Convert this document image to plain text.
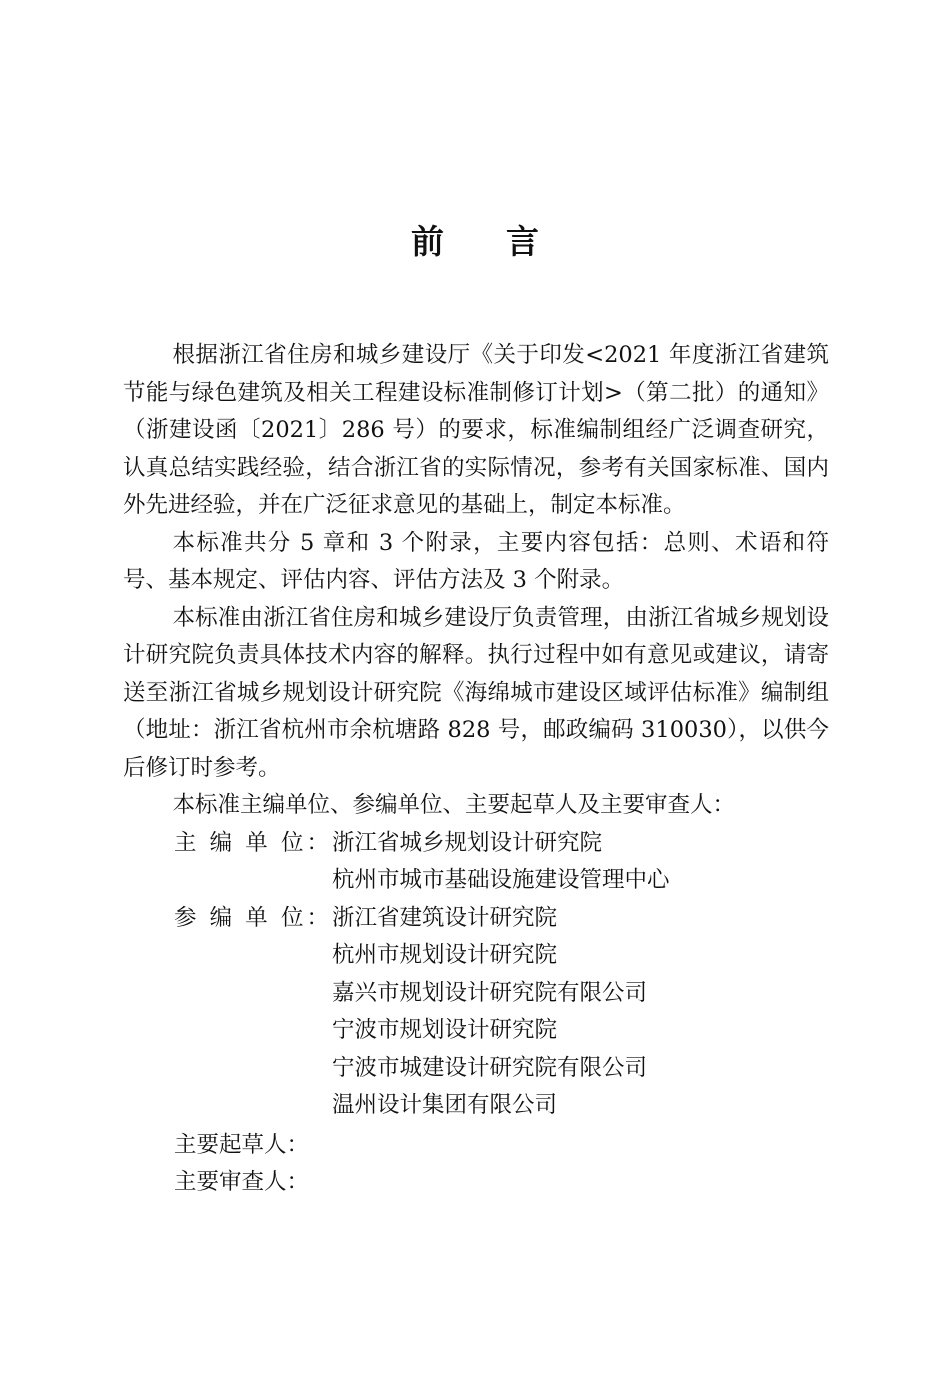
前 言

根据浙江省住房和城乡建设厅《关于印发<2021 年度浙江省建筑节能与绿色建筑及相关工程建设标准制修订计划>（第二批）的通知》（浙建设函〔2021〕286 号）的要求，标准编制组经广泛调查研究，认真总结实践经验，结合浙江省的实际情况，参考有关国家标准、国内外先进经验，并在广泛征求意见的基础上，制定本标准。

本标准共分 5 章和 3 个附录，主要内容包括：总则、术语和符号、基本规定、评估内容、评估方法及 3 个附录。

本标准由浙江省住房和城乡建设厅负责管理，由浙江省城乡规划设计研究院负责具体技术内容的解释。执行过程中如有意见或建议，请寄送至浙江省城乡规划设计研究院《海绵城市建设区域评估标准》编制组（地址：浙江省杭州市余杭塘路 828 号，邮政编码 310030），以供今后修订时参考。

本标准主编单位、参编单位、主要起草人及主要审查人：

主 编 单 位： 浙江省城乡规划设计研究院
杭州市城市基础设施建设管理中心
参 编 单 位： 浙江省建筑设计研究院
杭州市规划设计研究院
嘉兴市规划设计研究院有限公司
宁波市规划设计研究院
宁波市城建设计研究院有限公司
温州设计集团有限公司

主要起草人：

主要审查人：
